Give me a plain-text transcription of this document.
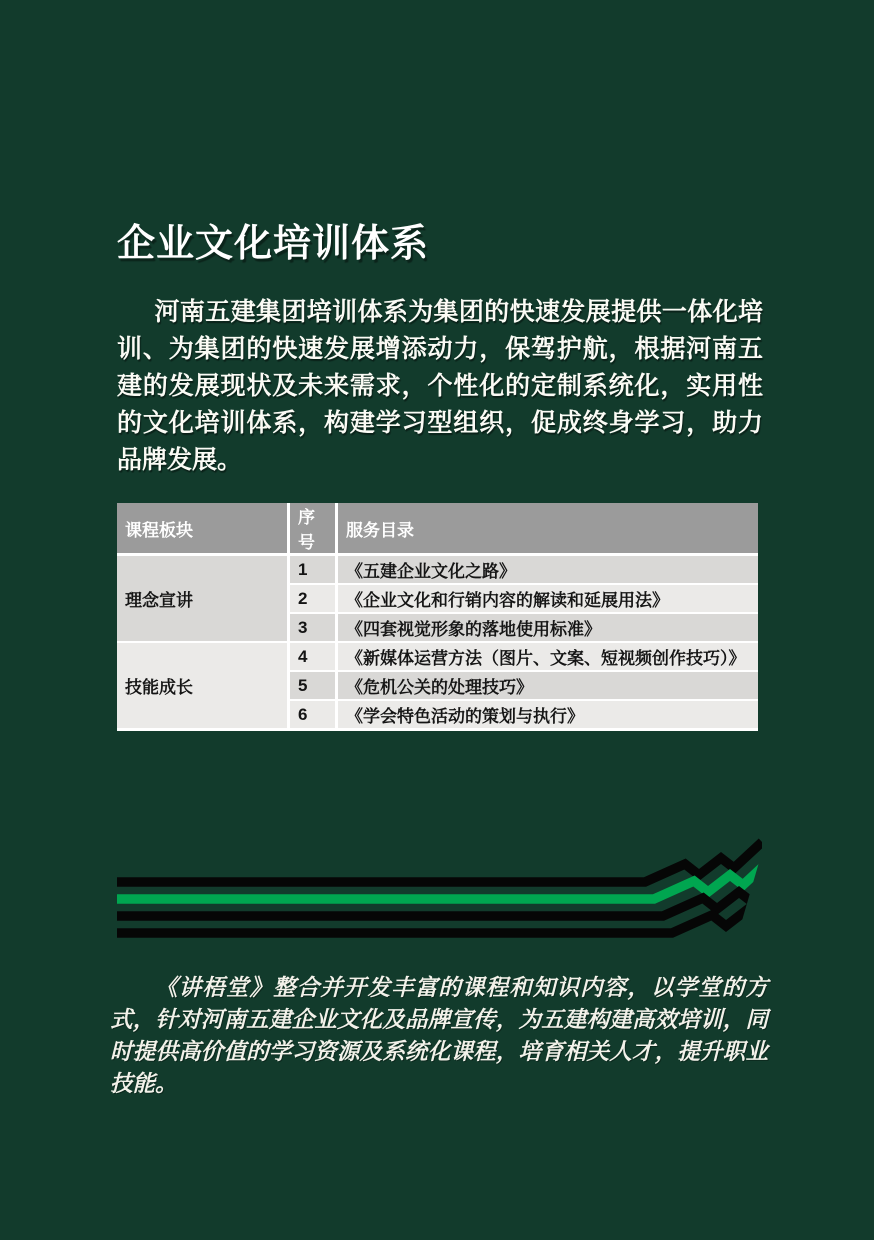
企业文化培训体系

河南五建集团培训体系为集团的快速发展提供一体化培训、为集团的快速发展增添动力，保驾护航，根据河南五建的发展现状及未来需求，个性化的定制系统化，实用性的文化培训体系，构建学习型组织，促成终身学习，助力品牌发展。

课程板块	序号	服务目录
理念宣讲	1	《五建企业文化之路》
	2	《企业文化和行销内容的解读和延展用法》
	3	《四套视觉形象的落地使用标准》
技能成长	4	《新媒体运营方法（图片、文案、短视频创作技巧）》
	5	《危机公关的处理技巧》
	6	《学会特色活动的策划与执行》

《讲梧堂》整合并开发丰富的课程和知识内容，以学堂的方式，针对河南五建企业文化及品牌宣传，为五建构建高效培训，同时提供高价值的学习资源及系统化课程，培育相关人才，提升职业技能。
